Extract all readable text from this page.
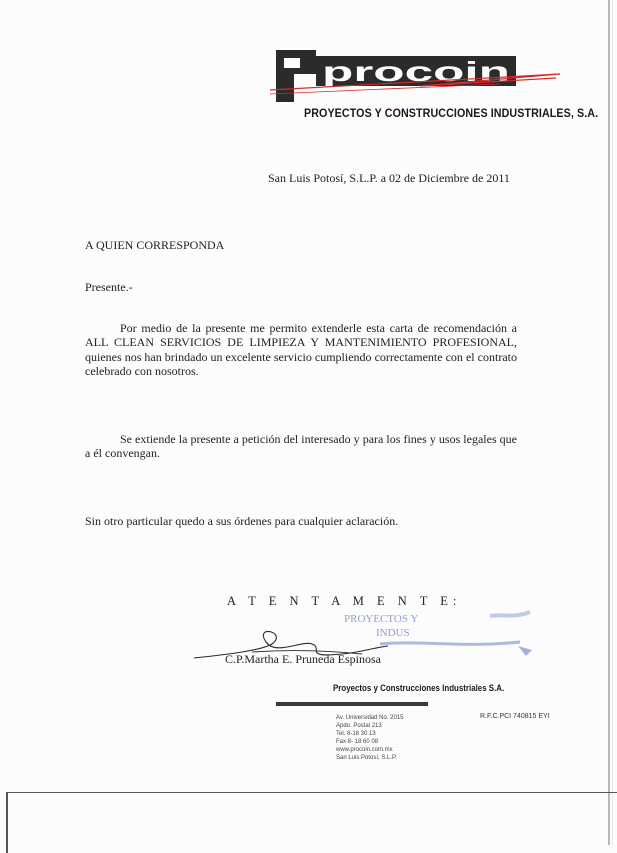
procoin
PROYECTOS Y CONSTRUCCIONES INDUSTRIALES, S.A.
San Luis Potosí, S.L.P. a 02 de Diciembre de 2011
A QUIEN CORRESPONDA
Presente.-
Por medio de la presente me permito extenderle esta carta de recomendación a ALL CLEAN SERVICIOS DE LIMPIEZA Y MANTENIMIENTO PROFESIONAL, quienes nos han brindado un excelente servicio cumpliendo correctamente con el contrato celebrado con nosotros.
Se extiende la presente a petición del interesado y para los fines y usos legales que a él convengan.
Sin otro particular quedo a sus órdenes para cualquier aclaración.
A T E N T A M E N T E:
PROYECTOS Y
INDUS
C.P.Martha E. Pruneda Espinosa
Proyectos y Construcciones Industriales S.A.
Av. Universidad No. 2015
Apdo. Postal 213
Tel. 8-18 30 13
Fax 8- 18 60 08
www.procoin.com.mx
San Luis Potosí, S.L.P.
R.F.C.PCI 740815 EYI
